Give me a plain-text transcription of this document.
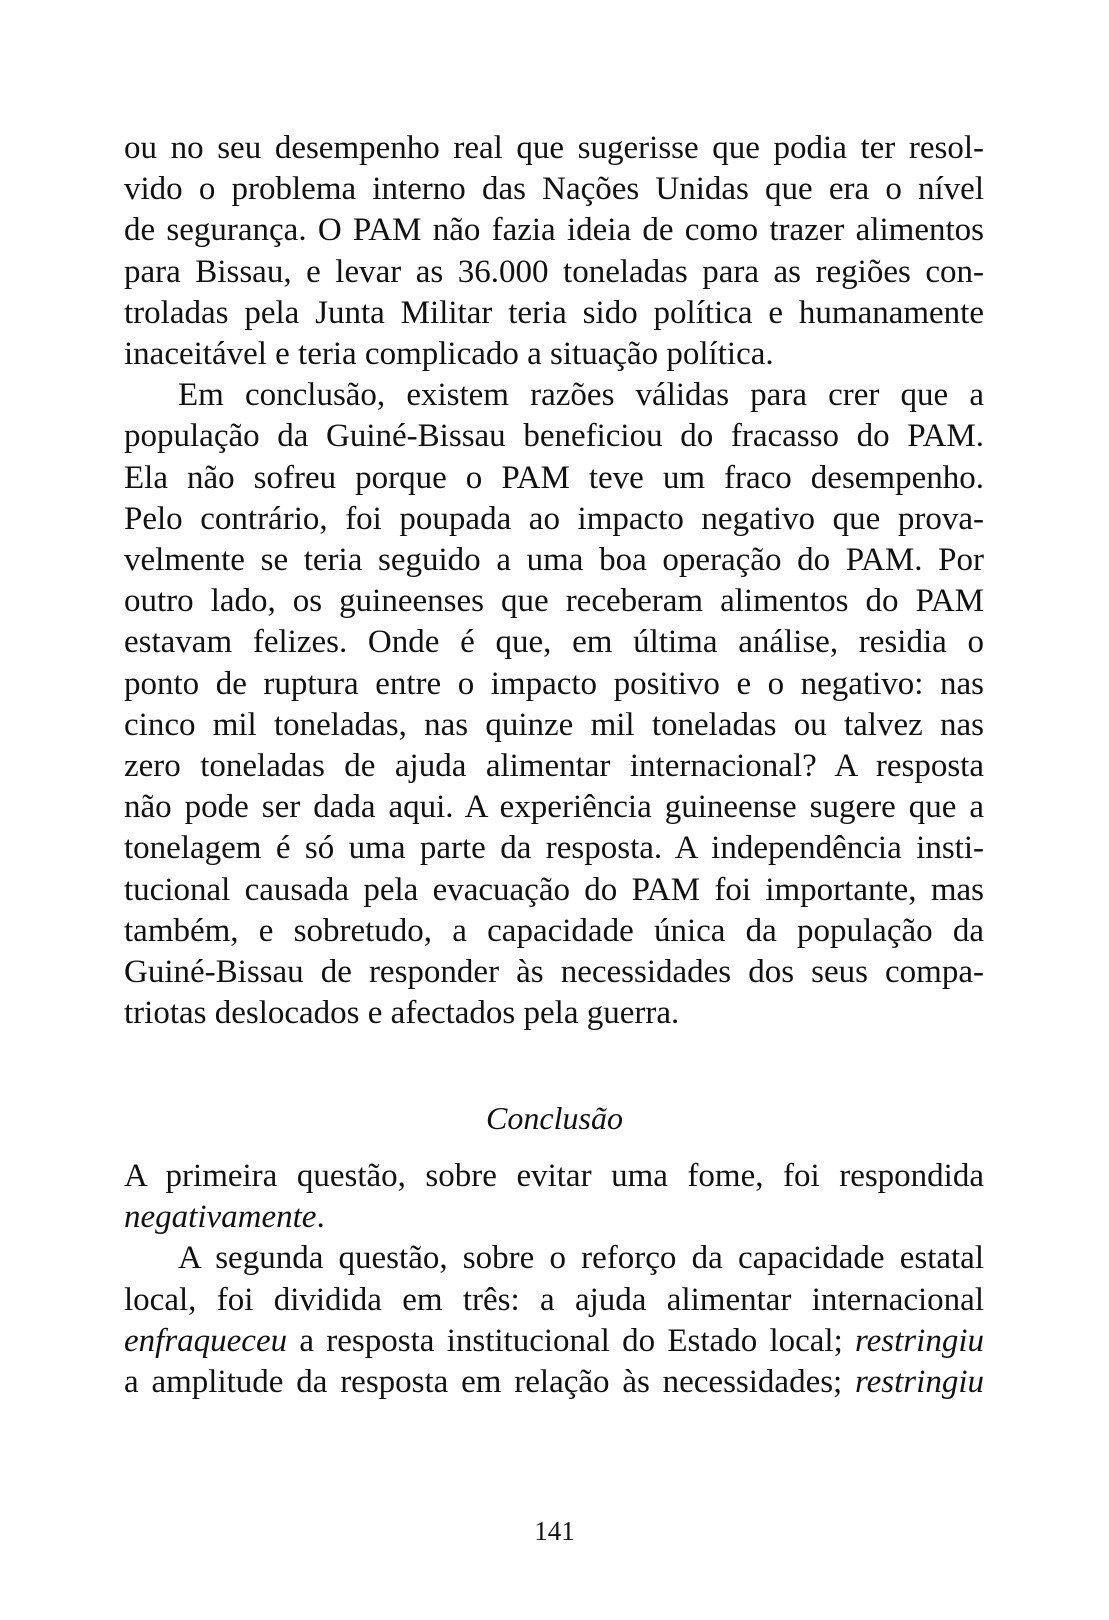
ou no seu desempenho real que sugerisse que podia ter resol-
vido o problema interno das Nações Unidas que era o nível
de segurança. O PAM não fazia ideia de como trazer alimentos
para Bissau, e levar as 36.000 toneladas para as regiões con-
troladas pela Junta Militar teria sido política e humanamente
inaceitável e teria complicado a situação política.
Em conclusão, existem razões válidas para crer que a
população da Guiné-Bissau beneficiou do fracasso do PAM.
Ela não sofreu porque o PAM teve um fraco desempenho.
Pelo contrário, foi poupada ao impacto negativo que prova-
velmente se teria seguido a uma boa operação do PAM. Por
outro lado, os guineenses que receberam alimentos do PAM
estavam felizes. Onde é que, em última análise, residia o
ponto de ruptura entre o impacto positivo e o negativo: nas
cinco mil toneladas, nas quinze mil toneladas ou talvez nas
zero toneladas de ajuda alimentar internacional? A resposta
não pode ser dada aqui. A experiência guineense sugere que a
tonelagem é só uma parte da resposta. A independência insti-
tucional causada pela evacuação do PAM foi importante, mas
também, e sobretudo, a capacidade única da população da
Guiné-Bissau de responder às necessidades dos seus compa-
triotas deslocados e afectados pela guerra.
Conclusão
A primeira questão, sobre evitar uma fome, foi respondida
negativamente.
A segunda questão, sobre o reforço da capacidade estatal
local, foi dividida em três: a ajuda alimentar internacional
enfraqueceu a resposta institucional do Estado local; restringiu
a amplitude da resposta em relação às necessidades; restringiu
141
